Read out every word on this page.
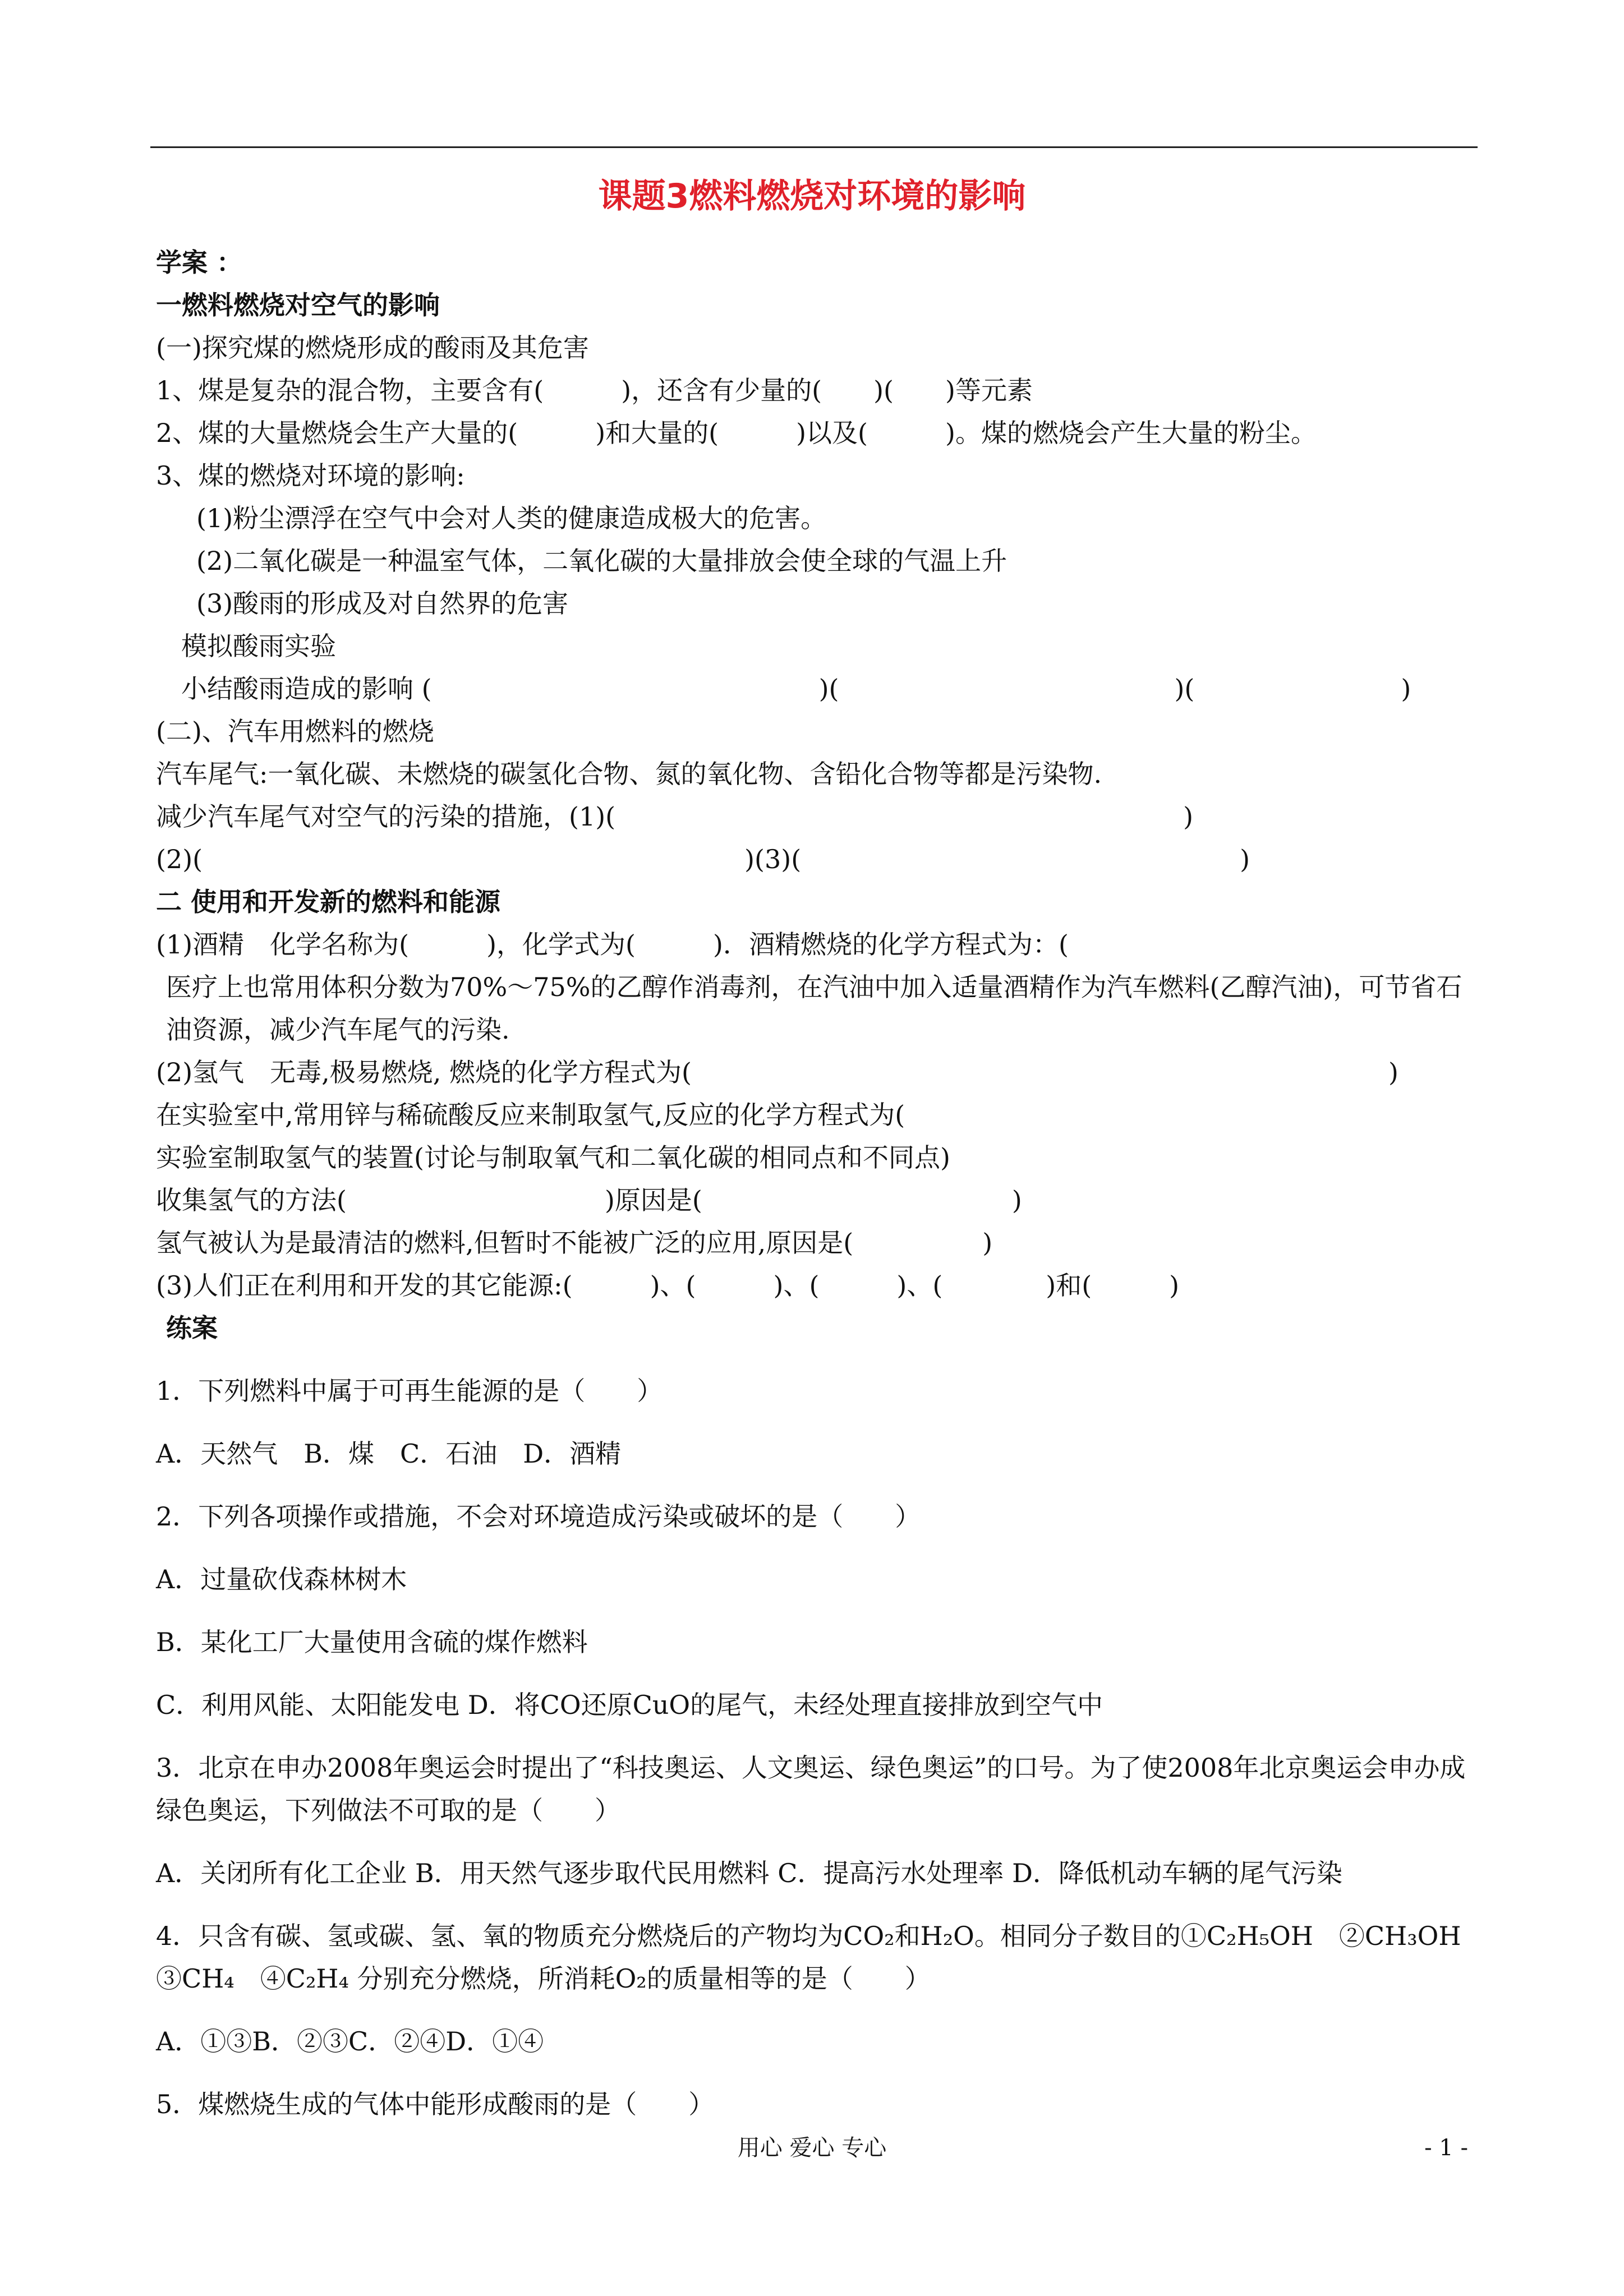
课题3燃料燃烧对环境的影响
学案 ：
一燃料燃烧对空气的影响
(一)探究煤的燃烧形成的酸雨及其危害
1、煤是复杂的混合物，主要含有(　　　)，还含有少量的(　　)(　　)等元素
2、煤的大量燃烧会生产大量的(　　　)和大量的(　　　)以及(　　　)。煤的燃烧会产生大量的粉尘。
3、煤的燃烧对环境的影响:
(1)粉尘漂浮在空气中会对人类的健康造成极大的危害。
(2)二氧化碳是一种温室气体，二氧化碳的大量排放会使全球的气温上升
(3)酸雨的形成及对自然界的危害
模拟酸雨实验
小结酸雨造成的影响 (　　　　　　　　　　　　　　　)(　　　　　　　　　　　　　)(　　　　　　　　)
(二)、汽车用燃料的燃烧
汽车尾气:一氧化碳、未燃烧的碳氢化合物、氮的氧化物、含铅化合物等都是污染物.
减少汽车尾气对空气的污染的措施，(1)(　　　　　　　　　　　　　　　　　　　　　　)
(2)(　　　　　　　　　　　　　　　　　　　　　)(3)(　　　　　　　　　　　　　　　　　)
二 使用和开发新的燃料和能源
(1)酒精　化学名称为(　　　)，化学式为(　　　)．酒精燃烧的化学方程式为：(
医疗上也常用体积分数为70%～75%的乙醇作消毒剂，在汽油中加入适量酒精作为汽车燃料(乙醇汽油)，可节省石油资源，减少汽车尾气的污染.
(2)氢气　无毒,极易燃烧, 燃烧的化学方程式为(　　　　　　　　　　　　　　　　　　　　　　　　　　　)
在实验室中,常用锌与稀硫酸反应来制取氢气,反应的化学方程式为(
实验室制取氢气的装置(讨论与制取氧气和二氧化碳的相同点和不同点)
收集氢气的方法(　　　　　　　　　　)原因是(　　　　　　　　　　　　)
氢气被认为是最清洁的燃料,但暂时不能被广泛的应用,原因是(　　　　　)
(3)人们正在利用和开发的其它能源:(　　　)、(　　　)、(　　　)、(　　　　)和(　　　)
练案
1．下列燃料中属于可再生能源的是（　　）
A．天然气　B．煤　C．石油　D．酒精
2．下列各项操作或措施，不会对环境造成污染或破坏的是（　　）
A．过量砍伐森林树木
B．某化工厂大量使用含硫的煤作燃料
C．利用风能、太阳能发电 D．将CO还原CuO的尾气，未经处理直接排放到空气中
3．北京在申办2008年奥运会时提出了“科技奥运、人文奥运、绿色奥运”的口号。为了使2008年北京奥运会申办成绿色奥运，下列做法不可取的是（　　）
A．关闭所有化工企业 B．用天然气逐步取代民用燃料 C．提高污水处理率 D．降低机动车辆的尾气污染
4．只含有碳、氢或碳、氢、氧的物质充分燃烧后的产物均为CO₂和H₂O。相同分子数目的①C₂H₅OH　②CH₃OH　③CH₄　④C₂H₄ 分别充分燃烧，所消耗O₂的质量相等的是（　　）
A．①③B．②③C．②④D．①④
5．煤燃烧生成的气体中能形成酸雨的是（　　）
用心 爱心 专心	- 1 -
